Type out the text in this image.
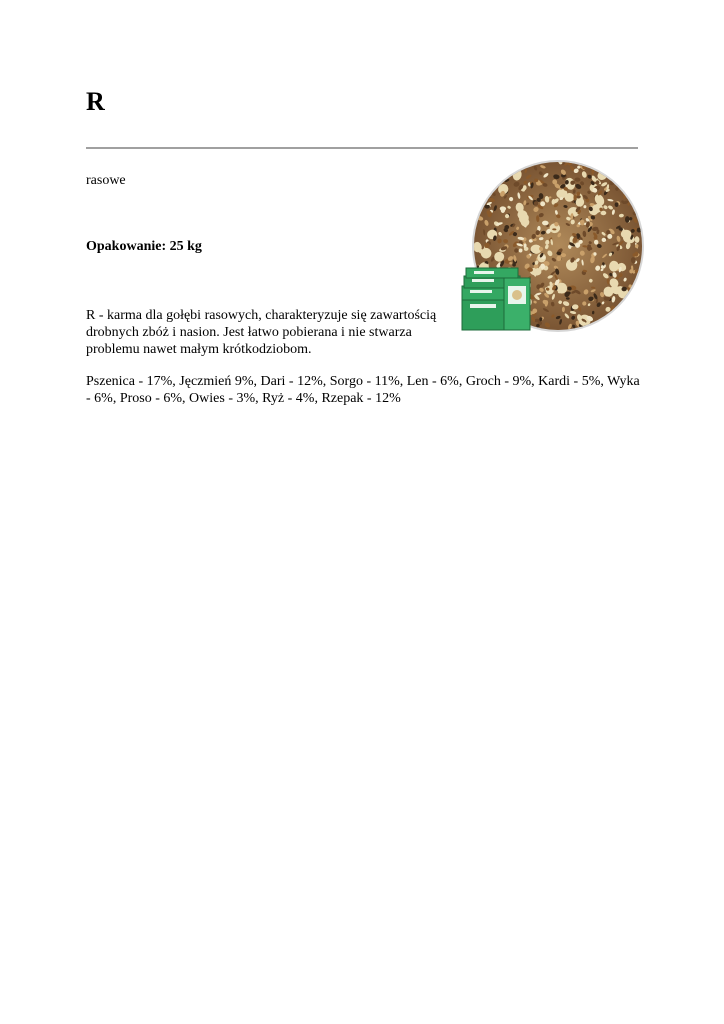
R

rasowe

Opakowanie: 25 kg

R - karma dla gołębi rasowych, charakteryzuje się zawartością drobnych zbóż i nasion. Jest łatwo pobierana i nie stwarza problemu nawet małym krótkodziobom.

Pszenica - 17%, Jęczmień 9%, Dari - 12%, Sorgo - 11%, Len - 6%, Groch - 9%, Kardi - 5%, Wyka - 6%, Proso - 6%, Owies - 3%, Ryż - 4%, Rzepak - 12%
